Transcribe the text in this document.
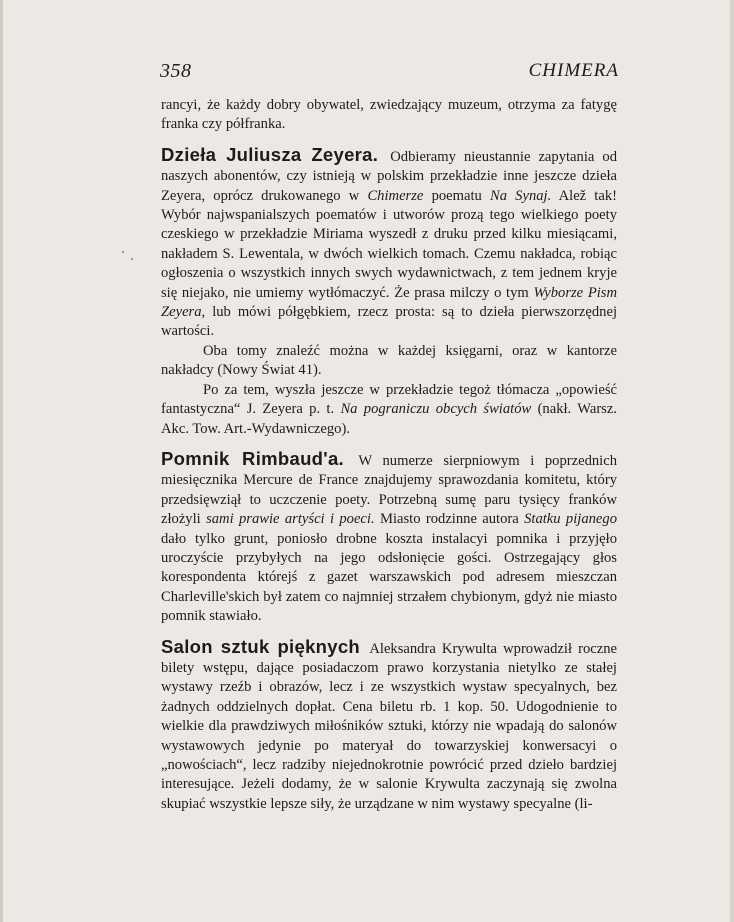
358	CHIMERA

rancyi, że każdy dobry obywatel, zwiedzający muzeum, otrzyma za fatygę franka czy półfranka.

Dzieła Juliusza Zeyera. Odbieramy nieustannie zapytania od naszych abonentów, czy istnieją w polskim przekładzie inne jeszcze dzieła Zeyera, oprócz drukowanego w Chimerze poematu Na Synaj. Alež tak! Wybór najwspanialszych poematów i utworów prozą tego wielkiego poety czeskiego w przekładzie Miriama wyszedł z druku przed kilku miesiącami, nakładem S. Lewentala, w dwóch wielkich tomach. Czemu nakładca, robiąc ogłoszenia o wszystkich innych swych wydawnictwach, z tem jednem kryje się niejako, nie umiemy wytłómaczyć. Że prasa milczy o tym Wyborze Pism Zeyera, lub mówi półgębkiem, rzecz prosta: są to dzieła pierwszorzędnej wartości.

Oba tomy znaleźć można w każdej księgarni, oraz w kantorze nakładcy (Nowy Świat 41).

Po za tem, wyszła jeszcze w przekładzie tegoż tłómacza „opowieść fantastyczna“ J. Zeyera p. t. Na pograniczu obcych światów (nakł. Warsz. Akc. Tow. Art.-Wydawniczego).

Pomnik Rimbaud'a. W numerze sierpniowym i poprzednich miesięcznika Mercure de France znajdujemy sprawozdania komitetu, który przedsięwziął to uczczenie poety. Potrzebną sumę paru tysięcy franków złożyli sami prawie artyści i poeci. Miasto rodzinne autora Statku pijanego dało tylko grunt, poniosło drobne koszta instalacyi pomnika i przyjęło uroczyście przybyłych na jego odsłonięcie gości. Ostrzegający głos korespondenta którejś z gazet warszawskich pod adresem mieszczan Charleville'skich był zatem co najmniej strzałem chybionym, gdyż nie miasto pomnik stawiało.

Salon sztuk pięknych Aleksandra Krywulta wprowadził roczne bilety wstępu, dające posiadaczom prawo korzystania nietylko ze stałej wystawy rzeźb i obrazów, lecz i ze wszystkich wystaw specyalnych, bez żadnych oddzielnych dopłat. Cena biletu rb. 1 kop. 50. Udogodnienie to wielkie dla prawdziwych miłośników sztuki, którzy nie wpadają do salonów wystawowych jedynie po materyał do towarzyskiej konwersacyi o „nowościach“, lecz radziby niejednokrotnie powrócić przed dzieło bardziej interesujące. Jeżeli dodamy, że w salonie Krywulta zaczynają się zwolna skupiać wszystkie lepsze siły, że urządzane w nim wystawy specyalne (li-
